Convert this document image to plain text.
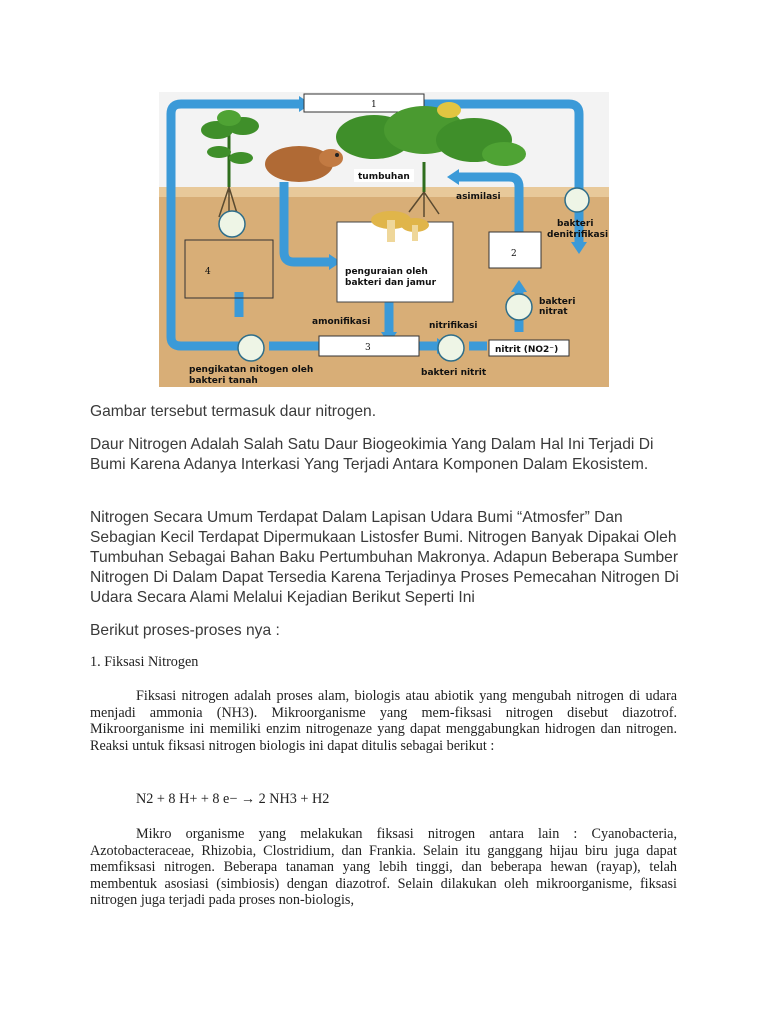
1
2
3
4
tumbuhan
asimilasi
bakteri
denitrifikasi
penguraian oleh
bakteri dan jamur
amonifikasi	nitrifikasi
bakteri
nitrat
nitrit (NO2⁻)
pengikatan nitogen oleh
bakteri tanah
bakteri nitrit

Gambar tersebut termasuk daur nitrogen.

Daur Nitrogen Adalah Salah Satu Daur Biogeokimia Yang Dalam Hal Ini Terjadi Di Bumi Karena Adanya Interkasi Yang Terjadi Antara Komponen Dalam Ekosistem.

Nitrogen Secara Umum Terdapat Dalam Lapisan Udara Bumi “Atmosfer” Dan Sebagian Kecil Terdapat Dipermukaan Listosfer Bumi. Nitrogen Banyak Dipakai Oleh Tumbuhan Sebagai Bahan Baku Pertumbuhan Makronya. Adapun Beberapa Sumber Nitrogen Di Dalam Dapat Tersedia Karena Terjadinya Proses Pemecahan Nitrogen Di Udara Secara Alami Melalui Kejadian Berikut Seperti Ini

Berikut proses-proses nya :

1. Fiksasi Nitrogen

Fiksasi nitrogen adalah proses alam, biologis atau abiotik yang mengubah nitrogen di udara menjadi ammonia (NH3). Mikroorganisme yang mem-fiksasi nitrogen disebut diazotrof. Mikroorganisme ini memiliki enzim nitrogenaze yang dapat menggabungkan hidrogen dan nitrogen. Reaksi untuk fiksasi nitrogen biologis ini dapat ditulis sebagai berikut :

N2 + 8 H+ + 8 e− → 2 NH3 + H2

Mikro organisme yang melakukan fiksasi nitrogen antara lain : Cyanobacteria, Azotobacteraceae, Rhizobia, Clostridium, dan Frankia. Selain itu ganggang hijau biru juga dapat memfiksasi nitrogen. Beberapa tanaman yang lebih tinggi, dan beberapa hewan (rayap), telah membentuk asosiasi (simbiosis) dengan diazotrof. Selain dilakukan oleh mikroorganisme, fiksasi nitrogen juga terjadi pada proses non-biologis,
